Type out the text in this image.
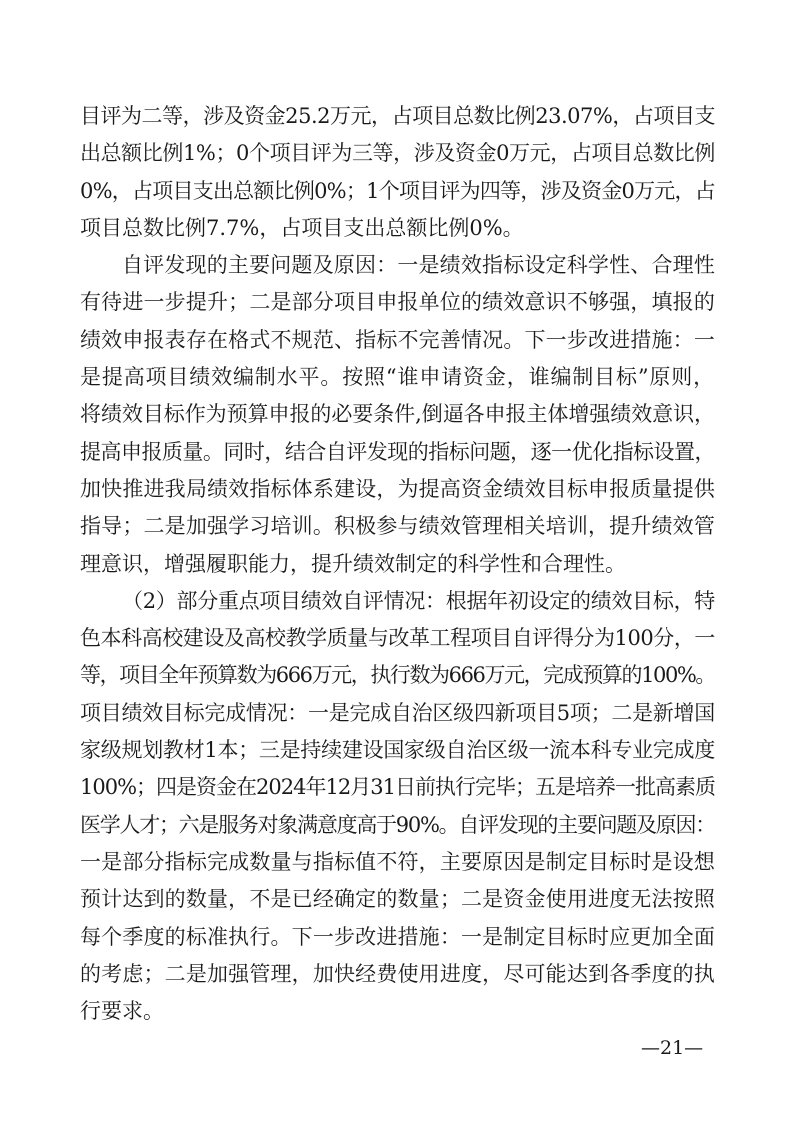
目评为二等，涉及资金25.2万元，占项目总数比例23.07%，占项目支
出总额比例1%；0个项目评为三等，涉及资金0万元，占项目总数比例
0%，占项目支出总额比例0%；1个项目评为四等，涉及资金0万元，占
项目总数比例7.7%，占项目支出总额比例0%。
自评发现的主要问题及原因：一是绩效指标设定科学性、合理性
有待进一步提升；二是部分项目申报单位的绩效意识不够强，填报的
绩效申报表存在格式不规范、指标不完善情况。下一步改进措施：一
是提高项目绩效编制水平。按照“谁申请资金，谁编制目标”原则，
将绩效目标作为预算申报的必要条件,倒逼各申报主体增强绩效意识，
提高申报质量。同时，结合自评发现的指标问题，逐一优化指标设置，
加快推进我局绩效指标体系建设，为提高资金绩效目标申报质量提供
指导；二是加强学习培训。积极参与绩效管理相关培训，提升绩效管
理意识，增强履职能力，提升绩效制定的科学性和合理性。
（2）部分重点项目绩效自评情况：根据年初设定的绩效目标，特
色本科高校建设及高校教学质量与改革工程项目自评得分为100分，一
等，项目全年预算数为666万元，执行数为666万元，完成预算的100%。
项目绩效目标完成情况：一是完成自治区级四新项目5项；二是新增国
家级规划教材1本；三是持续建设国家级自治区级一流本科专业完成度
100%；四是资金在2024年12月31日前执行完毕；五是培养一批高素质
医学人才；六是服务对象满意度高于90%。自评发现的主要问题及原因：
一是部分指标完成数量与指标值不符，主要原因是制定目标时是设想
预计达到的数量，不是已经确定的数量；二是资金使用进度无法按照
每个季度的标准执行。下一步改进措施：一是制定目标时应更加全面
的考虑；二是加强管理，加快经费使用进度，尽可能达到各季度的执
行要求。
—21—
